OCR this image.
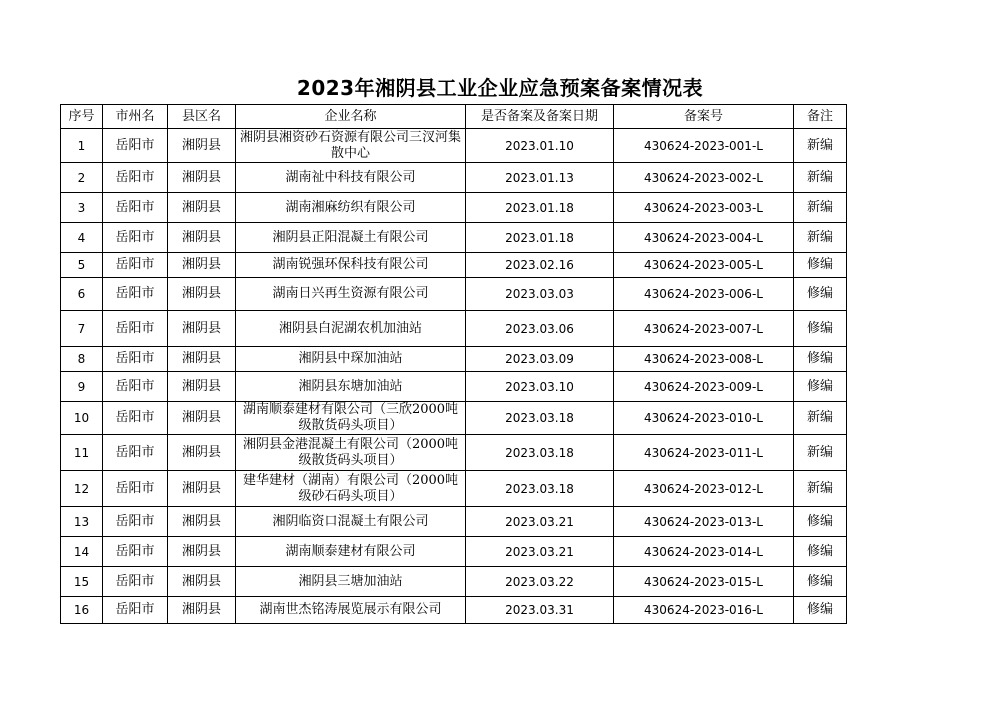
2023年湘阴县工业企业应急预案备案情况表
序号	市州名	县区名	企业名称	是否备案及备案日期	备案号	备注
1	岳阳市	湘阴县	湘阴县湘资砂石资源有限公司三汊河集散中心	2023.01.10	430624-2023-001-L	新编
2	岳阳市	湘阴县	湖南祉中科技有限公司	2023.01.13	430624-2023-002-L	新编
3	岳阳市	湘阴县	湖南湘麻纺织有限公司	2023.01.18	430624-2023-003-L	新编
4	岳阳市	湘阴县	湘阴县正阳混凝土有限公司	2023.01.18	430624-2023-004-L	新编
5	岳阳市	湘阴县	湖南锐强环保科技有限公司	2023.02.16	430624-2023-005-L	修编
6	岳阳市	湘阴县	湖南日兴再生资源有限公司	2023.03.03	430624-2023-006-L	修编
7	岳阳市	湘阴县	湘阴县白泥湖农机加油站	2023.03.06	430624-2023-007-L	修编
8	岳阳市	湘阴县	湘阴县中琛加油站	2023.03.09	430624-2023-008-L	修编
9	岳阳市	湘阴县	湘阴县东塘加油站	2023.03.10	430624-2023-009-L	修编
10	岳阳市	湘阴县	湖南顺泰建材有限公司（三欣2000吨级散货码头项目）	2023.03.18	430624-2023-010-L	新编
11	岳阳市	湘阴县	湘阴县金港混凝土有限公司（2000吨级散货码头项目）	2023.03.18	430624-2023-011-L	新编
12	岳阳市	湘阴县	建华建材（湖南）有限公司（2000吨级砂石码头项目）	2023.03.18	430624-2023-012-L	新编
13	岳阳市	湘阴县	湘阴临资口混凝土有限公司	2023.03.21	430624-2023-013-L	修编
14	岳阳市	湘阴县	湖南顺泰建材有限公司	2023.03.21	430624-2023-014-L	修编
15	岳阳市	湘阴县	湘阴县三塘加油站	2023.03.22	430624-2023-015-L	修编
16	岳阳市	湘阴县	湖南世杰铭涛展览展示有限公司	2023.03.31	430624-2023-016-L	修编
